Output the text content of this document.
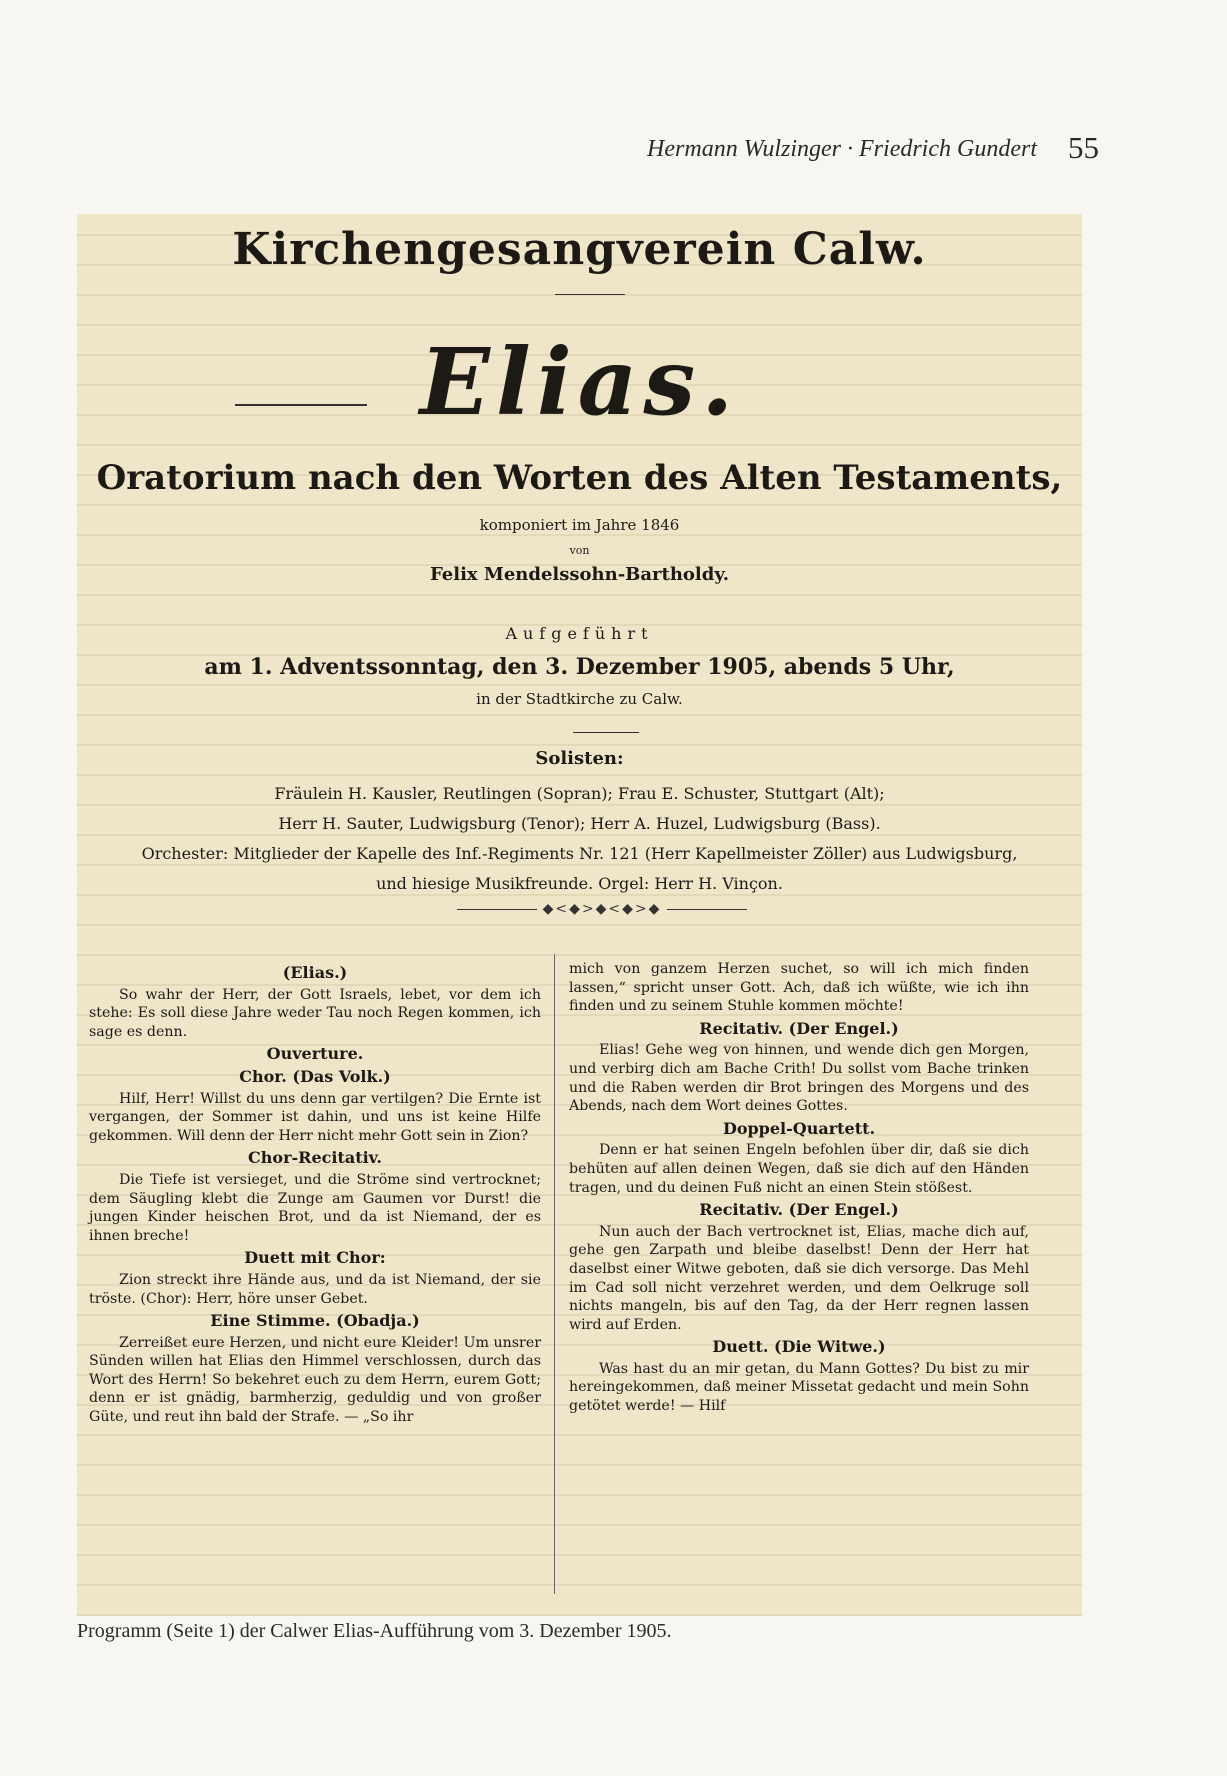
Hermann Wulzinger · Friedrich Gundert 55
Kirchengesangverein Calw.
Elias.
Oratorium nach den Worten des Alten Testaments,
komponiert im Jahre 1846
von
Felix Mendelssohn-Bartholdy.
Aufgeführt
am 1. Adventssonntag, den 3. Dezember 1905, abends 5 Uhr,
in der Stadtkirche zu Calw.
Solisten:
Fräulein H. Kausler, Reutlingen (Sopran); Frau E. Schuster, Stuttgart (Alt);
Herr H. Sauter, Ludwigsburg (Tenor); Herr A. Huzel, Ludwigsburg (Bass).
Orchester: Mitglieder der Kapelle des Inf.-Regiments Nr. 121 (Herr Kapellmeister Zöller) aus Ludwigsburg,
und hiesige Musikfreunde. Orgel: Herr H. Vinçon.
◆<◆>◆<◆>◆
(Elias.)

So wahr der Herr, der Gott Israels, lebet, vor dem ich stehe: Es soll diese Jahre weder Tau noch Regen kommen, ich sage es denn.

Ouverture.
Chor. (Das Volk.)

Hilf, Herr! Willst du uns denn gar vertilgen? Die Ernte ist vergangen, der Sommer ist dahin, und uns ist keine Hilfe gekommen. Will denn der Herr nicht mehr Gott sein in Zion?

Chor-Recitativ.

Die Tiefe ist versieget, und die Ströme sind vertrocknet; dem Säugling klebt die Zunge am Gaumen vor Durst! die jungen Kinder heischen Brot, und da ist Niemand, der es ihnen breche!

Duett mit Chor:

Zion streckt ihre Hände aus, und da ist Niemand, der sie tröste. (Chor): Herr, höre unser Gebet.

Eine Stimme. (Obadja.)

Zerreißet eure Herzen, und nicht eure Kleider! Um unsrer Sünden willen hat Elias den Himmel verschlossen, durch das Wort des Herrn! So bekehret euch zu dem Herrn, eurem Gott; denn er ist gnädig, barmherzig, geduldig und von großer Güte, und reut ihn bald der Strafe. — „So ihr

mich von ganzem Herzen suchet, so will ich mich finden lassen,“ spricht unser Gott. Ach, daß ich wüßte, wie ich ihn finden und zu seinem Stuhle kommen möchte!

Recitativ. (Der Engel.)

Elias! Gehe weg von hinnen, und wende dich gen Morgen, und verbirg dich am Bache Crith! Du sollst vom Bache trinken und die Raben werden dir Brot bringen des Morgens und des Abends, nach dem Wort deines Gottes.

Doppel-Quartett.

Denn er hat seinen Engeln befohlen über dir, daß sie dich behüten auf allen deinen Wegen, daß sie dich auf den Händen tragen, und du deinen Fuß nicht an einen Stein stößest.

Recitativ. (Der Engel.)

Nun auch der Bach vertrocknet ist, Elias, mache dich auf, gehe gen Zarpath und bleibe daselbst! Denn der Herr hat daselbst einer Witwe geboten, daß sie dich versorge. Das Mehl im Cad soll nicht verzehret werden, und dem Oelkruge soll nichts mangeln, bis auf den Tag, da der Herr regnen lassen wird auf Erden.

Duett. (Die Witwe.)

Was hast du an mir getan, du Mann Gottes? Du bist zu mir hereingekommen, daß meiner Missetat gedacht und mein Sohn getötet werde! — Hilf

Programm (Seite 1) der Calwer Elias-Aufführung vom 3. Dezember 1905.
